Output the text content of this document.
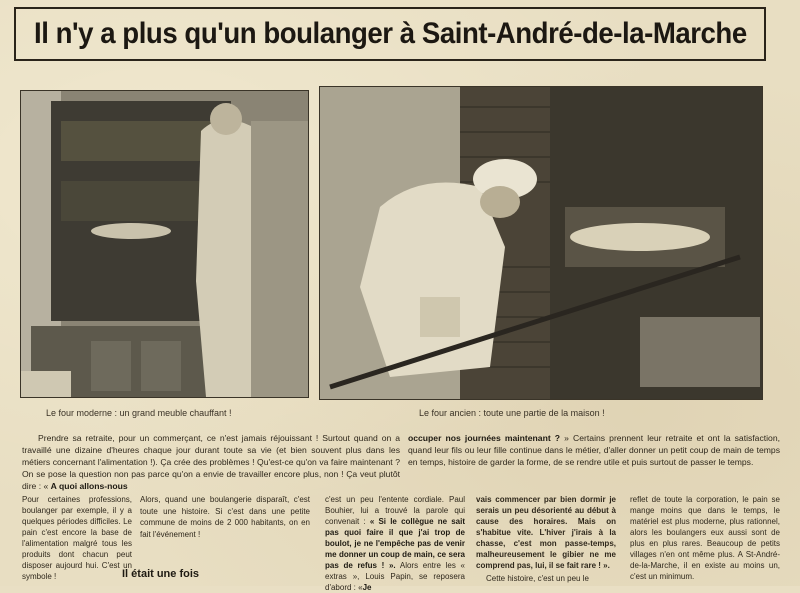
Il n'y a plus qu'un boulanger à Saint-André-de-la-Marche
Le four moderne : un grand meuble chauffant !	Le four ancien : toute une partie de la maison !
Prendre sa retraite, pour un commerçant, ce n'est jamais réjouissant ! Surtout quand on a travaillé une dizaine d'heures chaque jour durant toute sa vie (et bien souvent plus dans les métiers concernant l'alimentation !). Ça crée des problèmes ! Qu'est-ce qu'on va faire maintenant ? On se pose la question non pas parce qu'on a envie de travailler encore plus, non ! Ça veut plutôt dire : « A quoi allons-nous
occuper nos journées maintenant ? » Certains prennent leur retraite et ont la satisfaction, quand leur fils ou leur fille continue dans le métier, d'aller donner un petit coup de main de temps en temps, histoire de garder la forme, de se rendre utile et puis surtout de passer le temps.
Pour certaines professions, boulanger par exemple, il y a quelques périodes difficiles. Le pain c'est encore la base de l'alimentation malgré tous les produits dont chacun peut disposer aujourd hui. C'est un symbole !
Alors, quand une boulangerie disparaît, c'est toute une histoire. Si c'est dans une petite commune de moins de 2 000 habitants, on en fait l'événement !
c'est un peu l'entente cordiale. Paul Bouhier, lui a trouvé la parole qui convenait : « Si le collègue ne sait pas quoi faire il que j'ai trop de boulot, je ne l'empêche pas de venir me donner un coup de main, ce sera pas de refus ! ». Alors entre les « extras », Louis Papin, se reposera d'abord : «Je
vais commencer par bien dormir je serais un peu désorienté au début à cause des horaires. Mais on s'habitue vite. L'hiver j'irais à la chasse, c'est mon passe-temps, malheureusement le gibier ne me comprend pas, lui, il se fait rare ! ».
Cette histoire, c'est un peu le
reflet de toute la corporation, le pain se mange moins que dans le temps, le matériel est plus moderne, plus rationnel, alors les boulangers eux aussi sont de plus en plus rares. Beaucoup de petits villages n'en ont même plus. A St-André-de-la-Marche, il en existe au moins un, c'est un minimum.
Il était une fois
